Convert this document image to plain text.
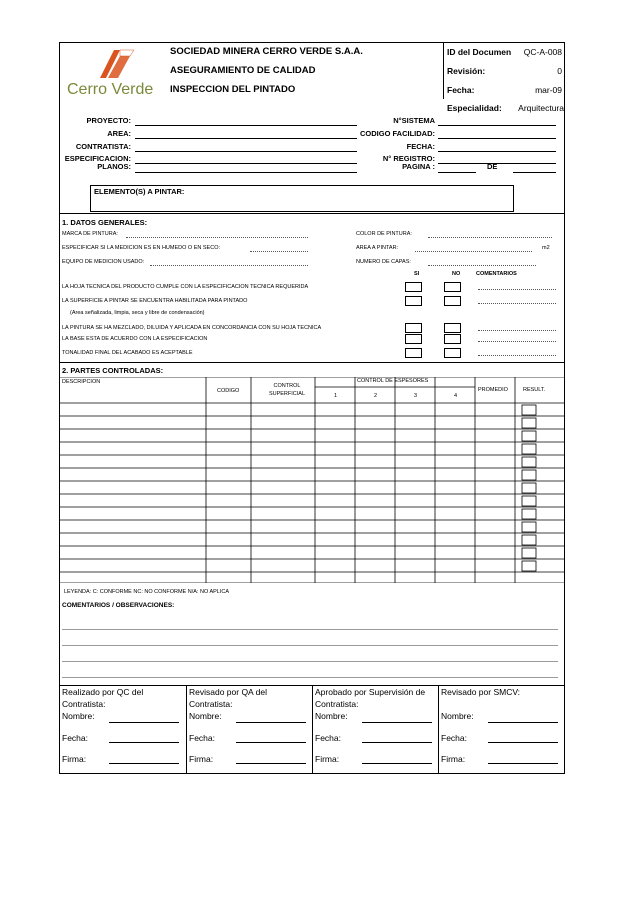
Cerro Verde
SOCIEDAD MINERA CERRO VERDE S.A.A.
ASEGURAMIENTO DE CALIDAD
INSPECCION DEL PINTADO
ID del Documen QC-A-008
Revisión:	0
Fecha:	mar-09
Especialidad: Arquitectura
PROYECTO:
AREA:
CONTRATISTA:
ESPECIFICACION:
PLANOS:
N°SISTEMA
CODIGO FACILIDAD:
FECHA:
N° REGISTRO:
PAGINA :	DE
ELEMENTO(S) A PINTAR:
1. DATOS GENERALES:
MARCA DE PINTURA:
ESPECIFICAR SI LA MEDICION ES EN HUMEDO O EN SECO:
EQUIPO DE MEDICION USADO:
COLOR DE PINTURA:
AREA A PINTAR:	m2
NUMERO DE CAPAS:
SI	NO	COMENTARIOS
LA HOJA TECNICA DEL PRODUCTO CUMPLE CON LA ESPECIFICACION TECNICA REQUERIDA
LA SUPERFICIE A PINTAR SE ENCUENTRA HABILITADA PARA PINTADO
LA PINTURA SE HA MEZCLADO, DILUIDA Y APLICADA EN CONCORDANCIA CON SU HOJA TECNICA
LA BASE ESTA DE ACUERDO CON LA ESPECIFICACION
TONALIDAD FINAL DEL ACABADO ES ACEPTABLE
(Area señalizada, limpia, seca y libre de condensación)
2. PARTES CONTROLADAS:
DESCRIPCION
CODIGO
CONTROL SUPERFICIAL
CONTROL DE ESPESORES
1	2	3	4
PROMEDIO	RESULT.
LEYENDA: C: CONFORME NC: NO CONFORME N/A: NO APLICA
COMENTARIOS / OBSERVACIONES:
Realizado por QC del
Contratista:
Nombre:
Fecha:
Firma:
Revisado por QA del
Contratista:
Nombre:
Fecha:
Firma:
Aprobado por Supervisión de
Contratista:
Nombre:
Fecha:
Firma:
Revisado por SMCV:
Nombre:
Fecha:
Firma:
